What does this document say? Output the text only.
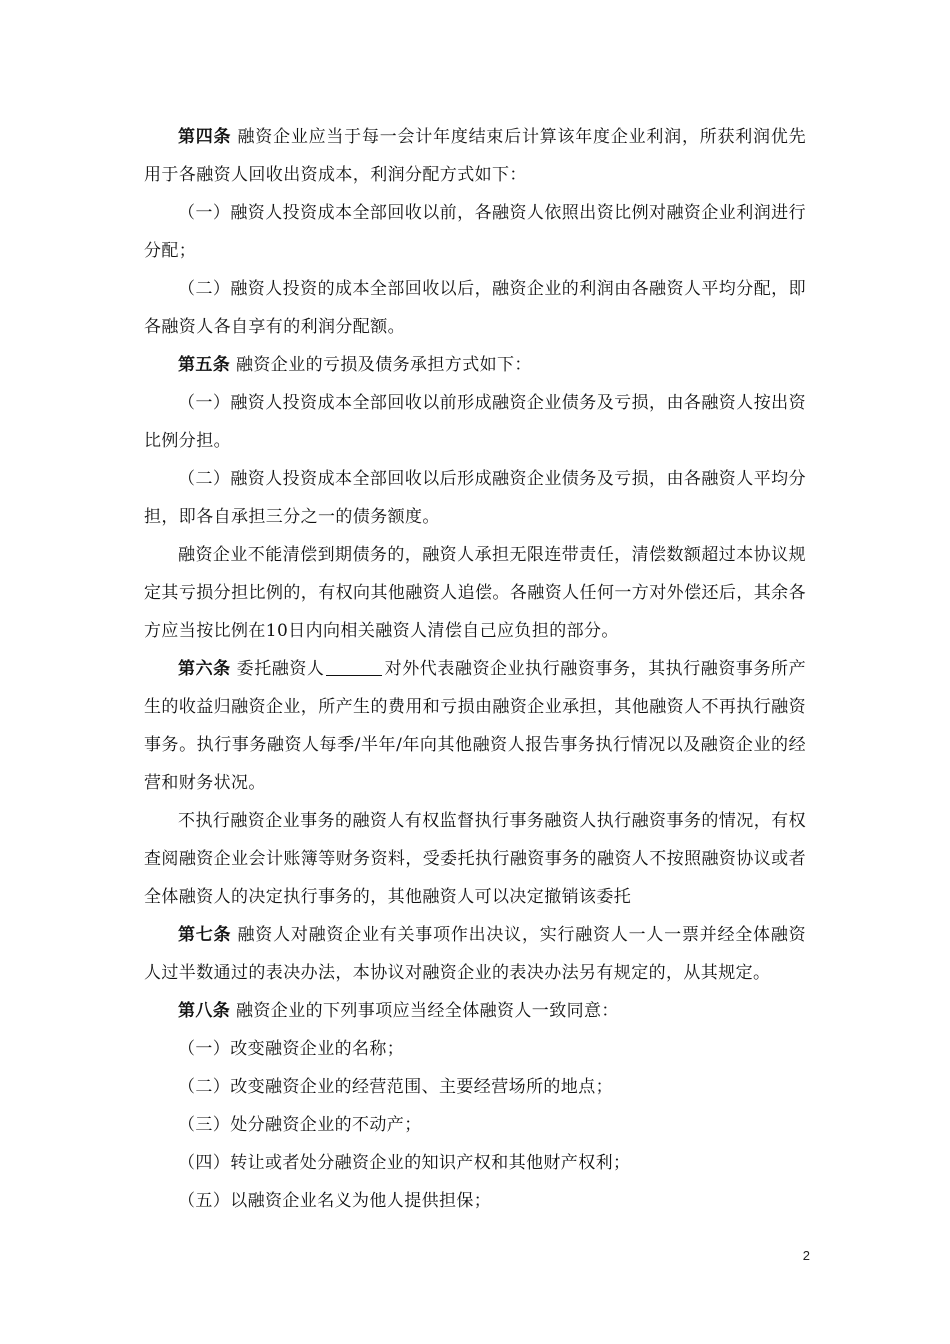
第四条 融资企业应当于每一会计年度结束后计算该年度企业利润，所获利润优先用于各融资人回收出资成本，利润分配方式如下：

（一）融资人投资成本全部回收以前，各融资人依照出资比例对融资企业利润进行分配；

（二）融资人投资的成本全部回收以后，融资企业的利润由各融资人平均分配，即各融资人各自享有的利润分配额。

第五条 融资企业的亏损及债务承担方式如下：

（一）融资人投资成本全部回收以前形成融资企业债务及亏损，由各融资人按出资比例分担。

（二）融资人投资成本全部回收以后形成融资企业债务及亏损，由各融资人平均分担，即各自承担三分之一的债务额度。

融资企业不能清偿到期债务的，融资人承担无限连带责任，清偿数额超过本协议规定其亏损分担比例的，有权向其他融资人追偿。各融资人任何一方对外偿还后，其余各方应当按比例在10日内向相关融资人清偿自己应负担的部分。

第六条 委托融资人	对外代表融资企业执行融资事务，其执行融资事务所产生的收益归融资企业，所产生的费用和亏损由融资企业承担，其他融资人不再执行融资事务。执行事务融资人每季/半年/年向其他融资人报告事务执行情况以及融资企业的经营和财务状况。

不执行融资企业事务的融资人有权监督执行事务融资人执行融资事务的情况，有权查阅融资企业会计账簿等财务资料，受委托执行融资事务的融资人不按照融资协议或者全体融资人的决定执行事务的，其他融资人可以决定撤销该委托

第七条 融资人对融资企业有关事项作出决议，实行融资人一人一票并经全体融资人过半数通过的表决办法，本协议对融资企业的表决办法另有规定的，从其规定。

第八条 融资企业的下列事项应当经全体融资人一致同意：

（一）改变融资企业的名称；

（二）改变融资企业的经营范围、主要经营场所的地点；

（三）处分融资企业的不动产；

（四）转让或者处分融资企业的知识产权和其他财产权利；

（五）以融资企业名义为他人提供担保；

2
